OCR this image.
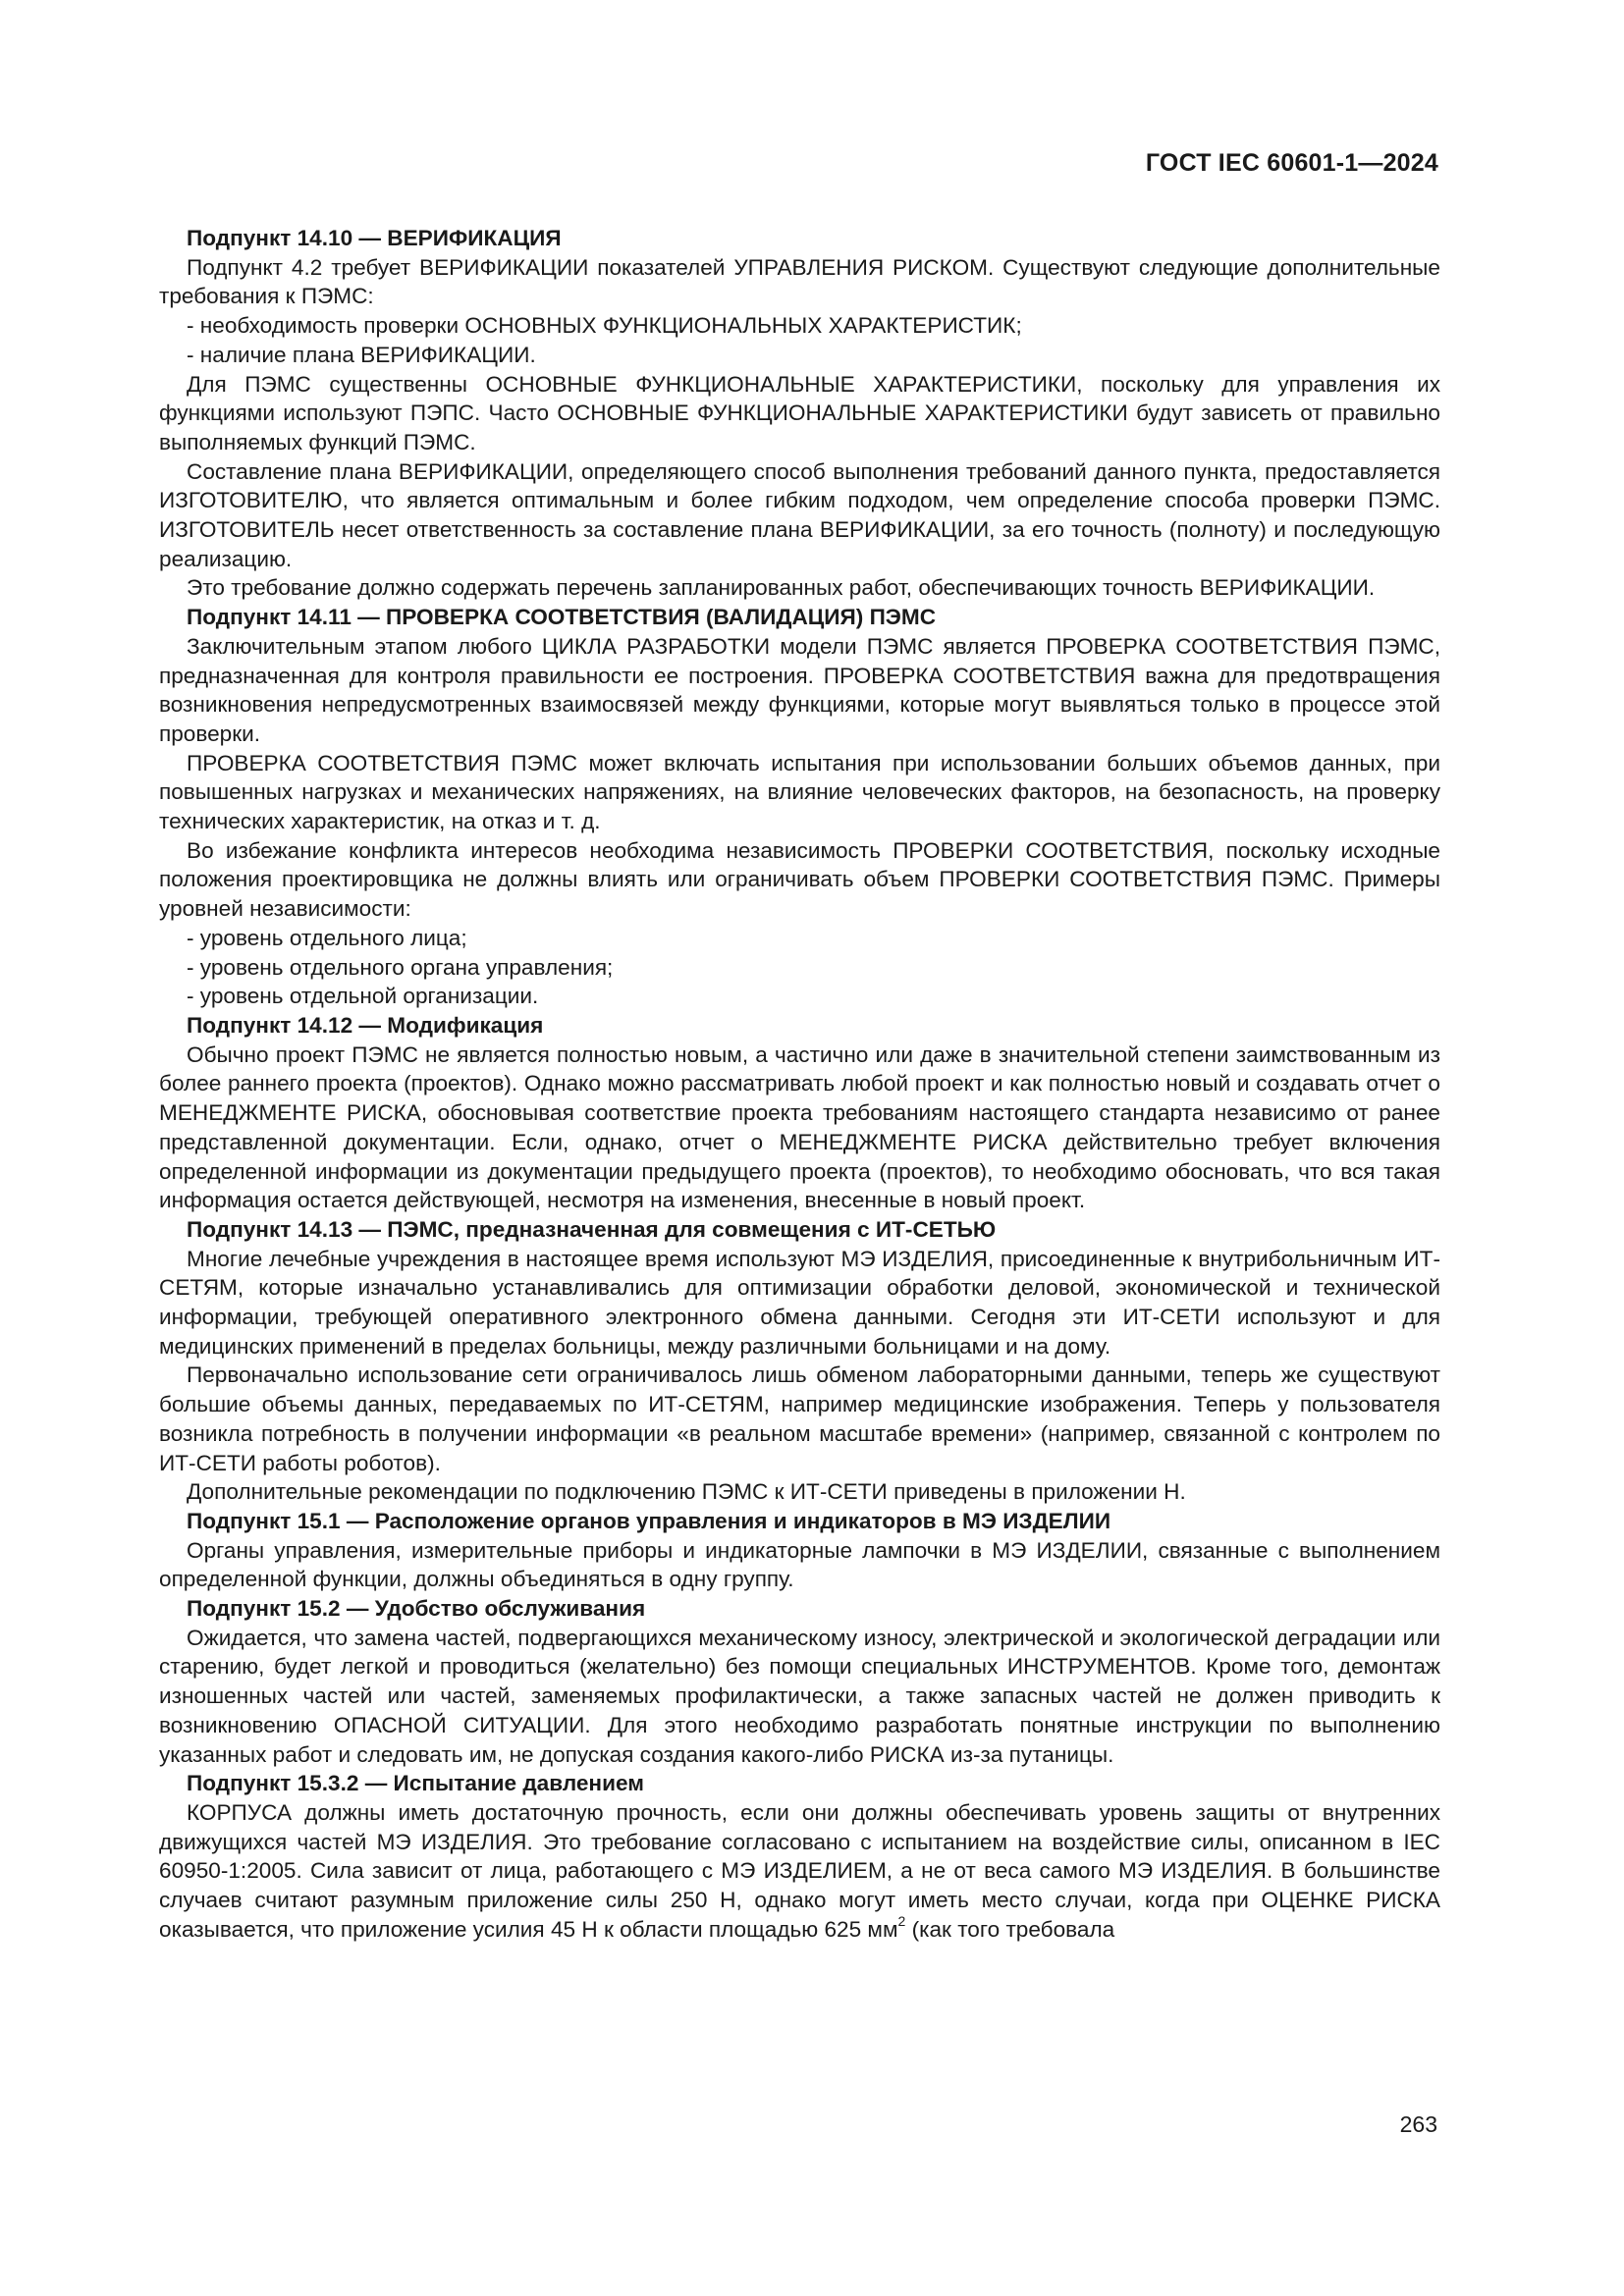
ГОСТ IEC 60601-1—2024

Подпункт 14.10 — ВЕРИФИКАЦИЯ

Подпункт 4.2 требует ВЕРИФИКАЦИИ показателей УПРАВЛЕНИЯ РИСКОМ. Существуют следующие дополнительные требования к ПЭМС:

- необходимость проверки ОСНОВНЫХ ФУНКЦИОНАЛЬНЫХ ХАРАКТЕРИСТИК;

- наличие плана ВЕРИФИКАЦИИ.

Для ПЭМС существенны ОСНОВНЫЕ ФУНКЦИОНАЛЬНЫЕ ХАРАКТЕРИСТИКИ, поскольку для управления их функциями используют ПЭПС. Часто ОСНОВНЫЕ ФУНКЦИОНАЛЬНЫЕ ХАРАКТЕРИСТИКИ будут зависеть от правильно выполняемых функций ПЭМС.

Составление плана ВЕРИФИКАЦИИ, определяющего способ выполнения требований данного пункта, предоставляется ИЗГОТОВИТЕЛЮ, что является оптимальным и более гибким подходом, чем определение способа проверки ПЭМС. ИЗГОТОВИТЕЛЬ несет ответственность за составление плана ВЕРИФИКАЦИИ, за его точность (полноту) и последующую реализацию.

Это требование должно содержать перечень запланированных работ, обеспечивающих точность ВЕРИФИКАЦИИ.

Подпункт 14.11 — ПРОВЕРКА СООТВЕТСТВИЯ (ВАЛИДАЦИЯ) ПЭМС

Заключительным этапом любого ЦИКЛА РАЗРАБОТКИ модели ПЭМС является ПРОВЕРКА СООТВЕТСТВИЯ ПЭМС, предназначенная для контроля правильности ее построения. ПРОВЕРКА СООТВЕТСТВИЯ важна для предотвращения возникновения непредусмотренных взаимосвязей между функциями, которые могут выявляться только в процессе этой проверки.

ПРОВЕРКА СООТВЕТСТВИЯ ПЭМС может включать испытания при использовании больших объемов данных, при повышенных нагрузках и механических напряжениях, на влияние человеческих факторов, на безопасность, на проверку технических характеристик, на отказ и т. д.

Во избежание конфликта интересов необходима независимость ПРОВЕРКИ СООТВЕТСТВИЯ, поскольку исходные положения проектировщика не должны влиять или ограничивать объем ПРОВЕРКИ СООТВЕТСТВИЯ ПЭМС. Примеры уровней независимости:

- уровень отдельного лица;

- уровень отдельного органа управления;

- уровень отдельной организации.

Подпункт 14.12 — Модификация

Обычно проект ПЭМС не является полностью новым, а частично или даже в значительной степени заимствованным из более раннего проекта (проектов). Однако можно рассматривать любой проект и как полностью новый и создавать отчет о МЕНЕДЖМЕНТЕ РИСКА, обосновывая соответствие проекта требованиям настоящего стандарта независимо от ранее представленной документации. Если, однако, отчет о МЕНЕДЖМЕНТЕ РИСКА действительно требует включения определенной информации из документации предыдущего проекта (проектов), то необходимо обосновать, что вся такая информация остается действующей, несмотря на изменения, внесенные в новый проект.

Подпункт 14.13 — ПЭМС, предназначенная для совмещения с ИТ-СЕТЬЮ

Многие лечебные учреждения в настоящее время используют МЭ ИЗДЕЛИЯ, присоединенные к внутрибольничным ИТ-СЕТЯМ, которые изначально устанавливались для оптимизации обработки деловой, экономической и технической информации, требующей оперативного электронного обмена данными. Сегодня эти ИТ-СЕТИ используют и для медицинских применений в пределах больницы, между различными больницами и на дому.

Первоначально использование сети ограничивалось лишь обменом лабораторными данными, теперь же существуют большие объемы данных, передаваемых по ИТ-СЕТЯМ, например медицинские изображения. Теперь у пользователя возникла потребность в получении информации «в реальном масштабе времени» (например, связанной с контролем по ИТ-СЕТИ работы роботов).

Дополнительные рекомендации по подключению ПЭМС к ИТ-СЕТИ приведены в приложении Н.

Подпункт 15.1 — Расположение органов управления и индикаторов в МЭ ИЗДЕЛИИ

Органы управления, измерительные приборы и индикаторные лампочки в МЭ ИЗДЕЛИИ, связанные с выполнением определенной функции, должны объединяться в одну группу.

Подпункт 15.2 — Удобство обслуживания

Ожидается, что замена частей, подвергающихся механическому износу, электрической и экологической деградации или старению, будет легкой и проводиться (желательно) без помощи специальных ИНСТРУМЕНТОВ. Кроме того, демонтаж изношенных частей или частей, заменяемых профилактически, а также запасных частей не должен приводить к возникновению ОПАСНОЙ СИТУАЦИИ. Для этого необходимо разработать понятные инструкции по выполнению указанных работ и следовать им, не допуская создания какого-либо РИСКА из-за путаницы.

Подпункт 15.3.2 — Испытание давлением

КОРПУСА должны иметь достаточную прочность, если они должны обеспечивать уровень защиты от внутренних движущихся частей МЭ ИЗДЕЛИЯ. Это требование согласовано с испытанием на воздействие силы, описанном в IEC 60950-1:2005. Сила зависит от лица, работающего с МЭ ИЗДЕЛИЕМ, а не от веса самого МЭ ИЗДЕЛИЯ. В большинстве случаев считают разумным приложение силы 250 Н, однако могут иметь место случаи, когда при ОЦЕНКЕ РИСКА оказывается, что приложение усилия 45 Н к области площадью 625 $мм^2$ (как того требовала

263
